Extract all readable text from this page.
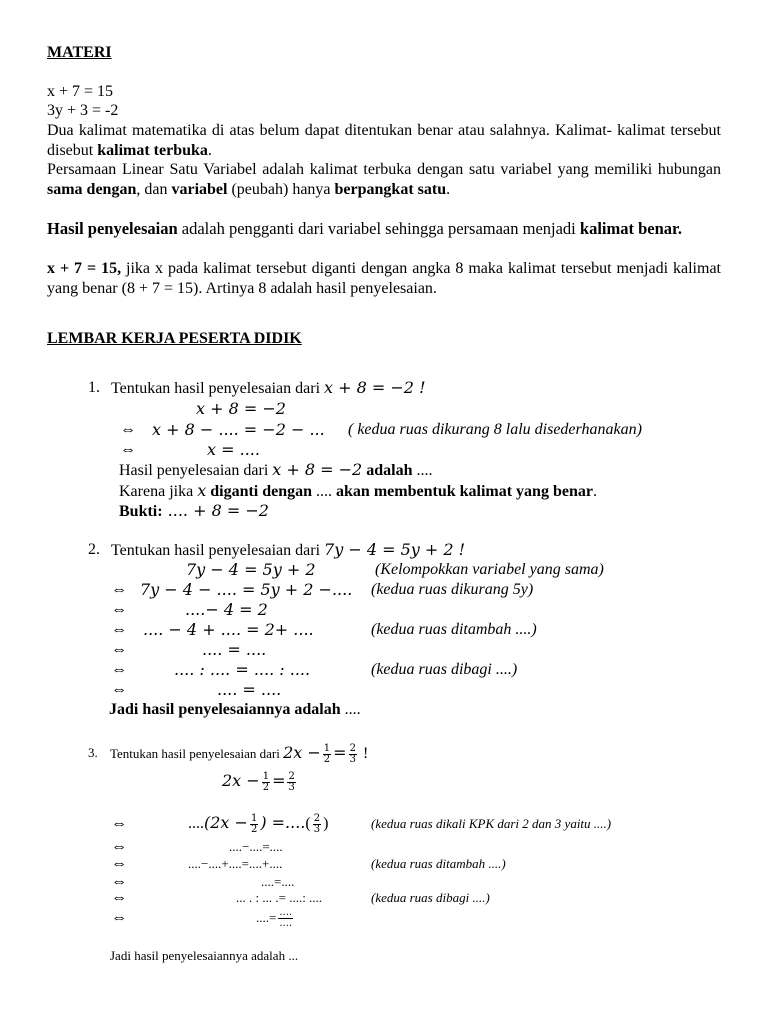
MATERI
x + 7 = 15
3y + 3 = -2
Dua kalimat matematika di atas belum dapat ditentukan benar atau salahnya. Kalimat- kalimat tersebut disebut kalimat terbuka.
Persamaan Linear Satu Variabel adalah kalimat terbuka dengan satu variabel yang memiliki hubungan sama dengan, dan variabel (peubah) hanya berpangkat satu.
Hasil penyelesaian adalah pengganti dari variabel sehingga persamaan menjadi kalimat benar.
x + 7 = 15, jika x pada kalimat tersebut diganti dengan angka 8 maka kalimat tersebut menjadi kalimat yang benar (8 + 7 = 15). Artinya 8 adalah hasil penyelesaian.
LEMBAR KERJA PESERTA DIDIK
1. Tentukan hasil penyelesaian dari x + 8 = −2 !
x + 8 = −2
⇔ x + 8 − .... = −2 − ... ( kedua ruas dikurang 8 lalu disederhanakan)
⇔	x = ....
Hasil penyelesaian dari x + 8 = −2 adalah ....
Karena jika x diganti dengan .... akan membentuk kalimat yang benar.
Bukti: .... + 8 = −2
2. Tentukan hasil penyelesaian dari 7y − 4 = 5y + 2 !
7y − 4 = 5y + 2	(Kelompokkan variabel yang sama)
⇔ 7y − 4 − .... = 5y + 2 −.... (kedua ruas dikurang 5y)
⇔	....− 4 = 2
⇔ .... − 4 + .... = 2+ ....	(kedua ruas ditambah ....)
⇔	.... = ....
⇔	.... : .... = .... : ....	(kedua ruas dibagi ....)
⇔	.... = ....
Jadi hasil penyelesaiannya adalah ....
3. Tentukan hasil penyelesaian dari $2x - \frac{1}{2} = \frac{2}{3}$ !
$2x - \frac{1}{2} = \frac{2}{3}$
⇔	$....(2x - \frac{1}{2}$ ) =....( $\frac{2}{3}$ )	(kedua ruas dikali KPK dari 2 dan 3 yaitu ....)
⇔	....−....=....
⇔	....−....+....=....+....	(kedua ruas ditambah ....)
⇔	....=....
⇔	... . : ... .= ....: ....	(kedua ruas dibagi ....)
⇔	....= $\frac{....}{....}$
Jadi hasil penyelesaiannya adalah ...
